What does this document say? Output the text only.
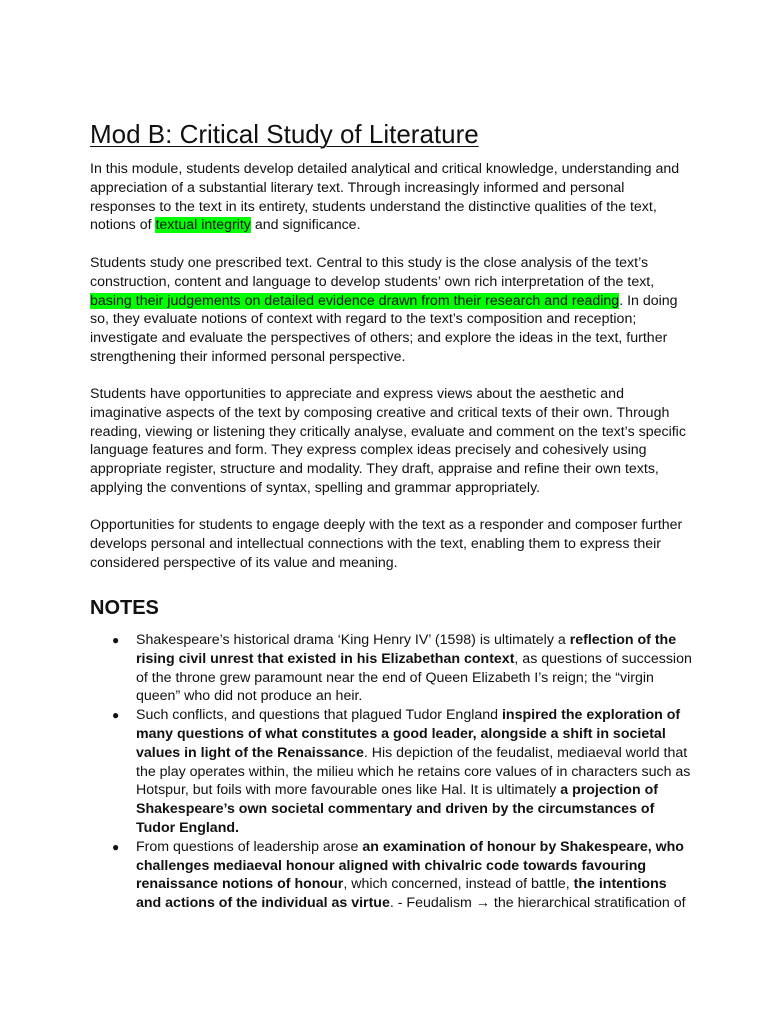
Mod B: Critical Study of Literature

In this module, students develop detailed analytical and critical knowledge, understanding and
appreciation of a substantial literary text. Through increasingly informed and personal
responses to the text in its entirety, students understand the distinctive qualities of the text,
notions of textual integrity and significance.

Students study one prescribed text. Central to this study is the close analysis of the text’s
construction, content and language to develop students’ own rich interpretation of the text,
basing their judgements on detailed evidence drawn from their research and reading. In doing
so, they evaluate notions of context with regard to the text’s composition and reception;
investigate and evaluate the perspectives of others; and explore the ideas in the text, further
strengthening their informed personal perspective.

Students have opportunities to appreciate and express views about the aesthetic and
imaginative aspects of the text by composing creative and critical texts of their own. Through
reading, viewing or listening they critically analyse, evaluate and comment on the text’s specific
language features and form. They express complex ideas precisely and cohesively using
appropriate register, structure and modality. They draft, appraise and refine their own texts,
applying the conventions of syntax, spelling and grammar appropriately.

Opportunities for students to engage deeply with the text as a responder and composer further
develops personal and intellectual connections with the text, enabling them to express their
considered perspective of its value and meaning.

NOTES
● Shakespeare’s historical drama ‘King Henry IV’ (1598) is ultimately a reflection of the
rising civil unrest that existed in his Elizabethan context, as questions of succession
of the throne grew paramount near the end of Queen Elizabeth I’s reign; the “virgin
queen” who did not produce an heir.
● Such conflicts, and questions that plagued Tudor England inspired the exploration of
many questions of what constitutes a good leader, alongside a shift in societal
values in light of the Renaissance. His depiction of the feudalist, mediaeval world that
the play operates within, the milieu which he retains core values of in characters such as
Hotspur, but foils with more favourable ones like Hal. It is ultimately a projection of
Shakespeare’s own societal commentary and driven by the circumstances of
Tudor England.
● From questions of leadership arose an examination of honour by Shakespeare, who
challenges mediaeval honour aligned with chivalric code towards favouring
renaissance notions of honour, which concerned, instead of battle, the intentions
and actions of the individual as virtue. - Feudalism → the hierarchical stratification of
